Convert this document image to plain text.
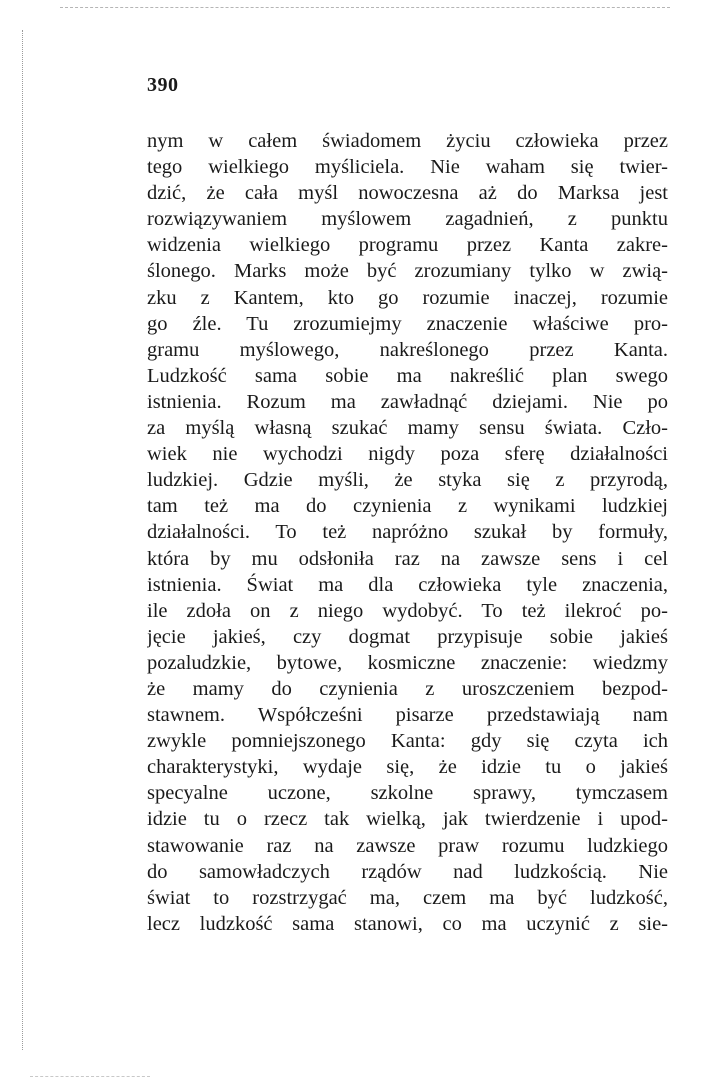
390
nym w całem świadomem życiu człowieka przez
tego wielkiego myśliciela. Nie waham się twier-
dzić, że cała myśl nowoczesna aż do Marksa jest
rozwiązywaniem myślowem zagadnień, z punktu
widzenia wielkiego programu przez Kanta zakre-
ślonego. Marks może być zrozumiany tylko w zwią-
zku z Kantem, kto go rozumie inaczej, rozumie
go źle. Tu zrozumiejmy znaczenie właściwe pro-
gramu myślowego, nakreślonego przez Kanta.
Ludzkość sama sobie ma nakreślić plan swego
istnienia. Rozum ma zawładnąć dziejami. Nie po
za myślą własną szukać mamy sensu świata. Czło-
wiek nie wychodzi nigdy poza sferę działalności
ludzkiej. Gdzie myśli, że styka się z przyrodą,
tam też ma do czynienia z wynikami ludzkiej
działalności. To też napróżno szukał by formuły,
która by mu odsłoniła raz na zawsze sens i cel
istnienia. Świat ma dla człowieka tyle znaczenia,
ile zdoła on z niego wydobyć. To też ilekroć po-
jęcie jakieś, czy dogmat przypisuje sobie jakieś
pozaludzkie, bytowe, kosmiczne znaczenie: wiedzmy
że mamy do czynienia z uroszczeniem bezpod-
stawnem. Współcześni pisarze przedstawiają nam
zwykle pomniejszonego Kanta: gdy się czyta ich
charakterystyki, wydaje się, że idzie tu o jakieś
specyalne uczone, szkolne sprawy, tymczasem
idzie tu o rzecz tak wielką, jak twierdzenie i upod-
stawowanie raz na zawsze praw rozumu ludzkiego
do samowładczych rządów nad ludzkością. Nie
świat to rozstrzygać ma, czem ma być ludzkość,
lecz ludzkość sama stanowi, co ma uczynić z sie-
